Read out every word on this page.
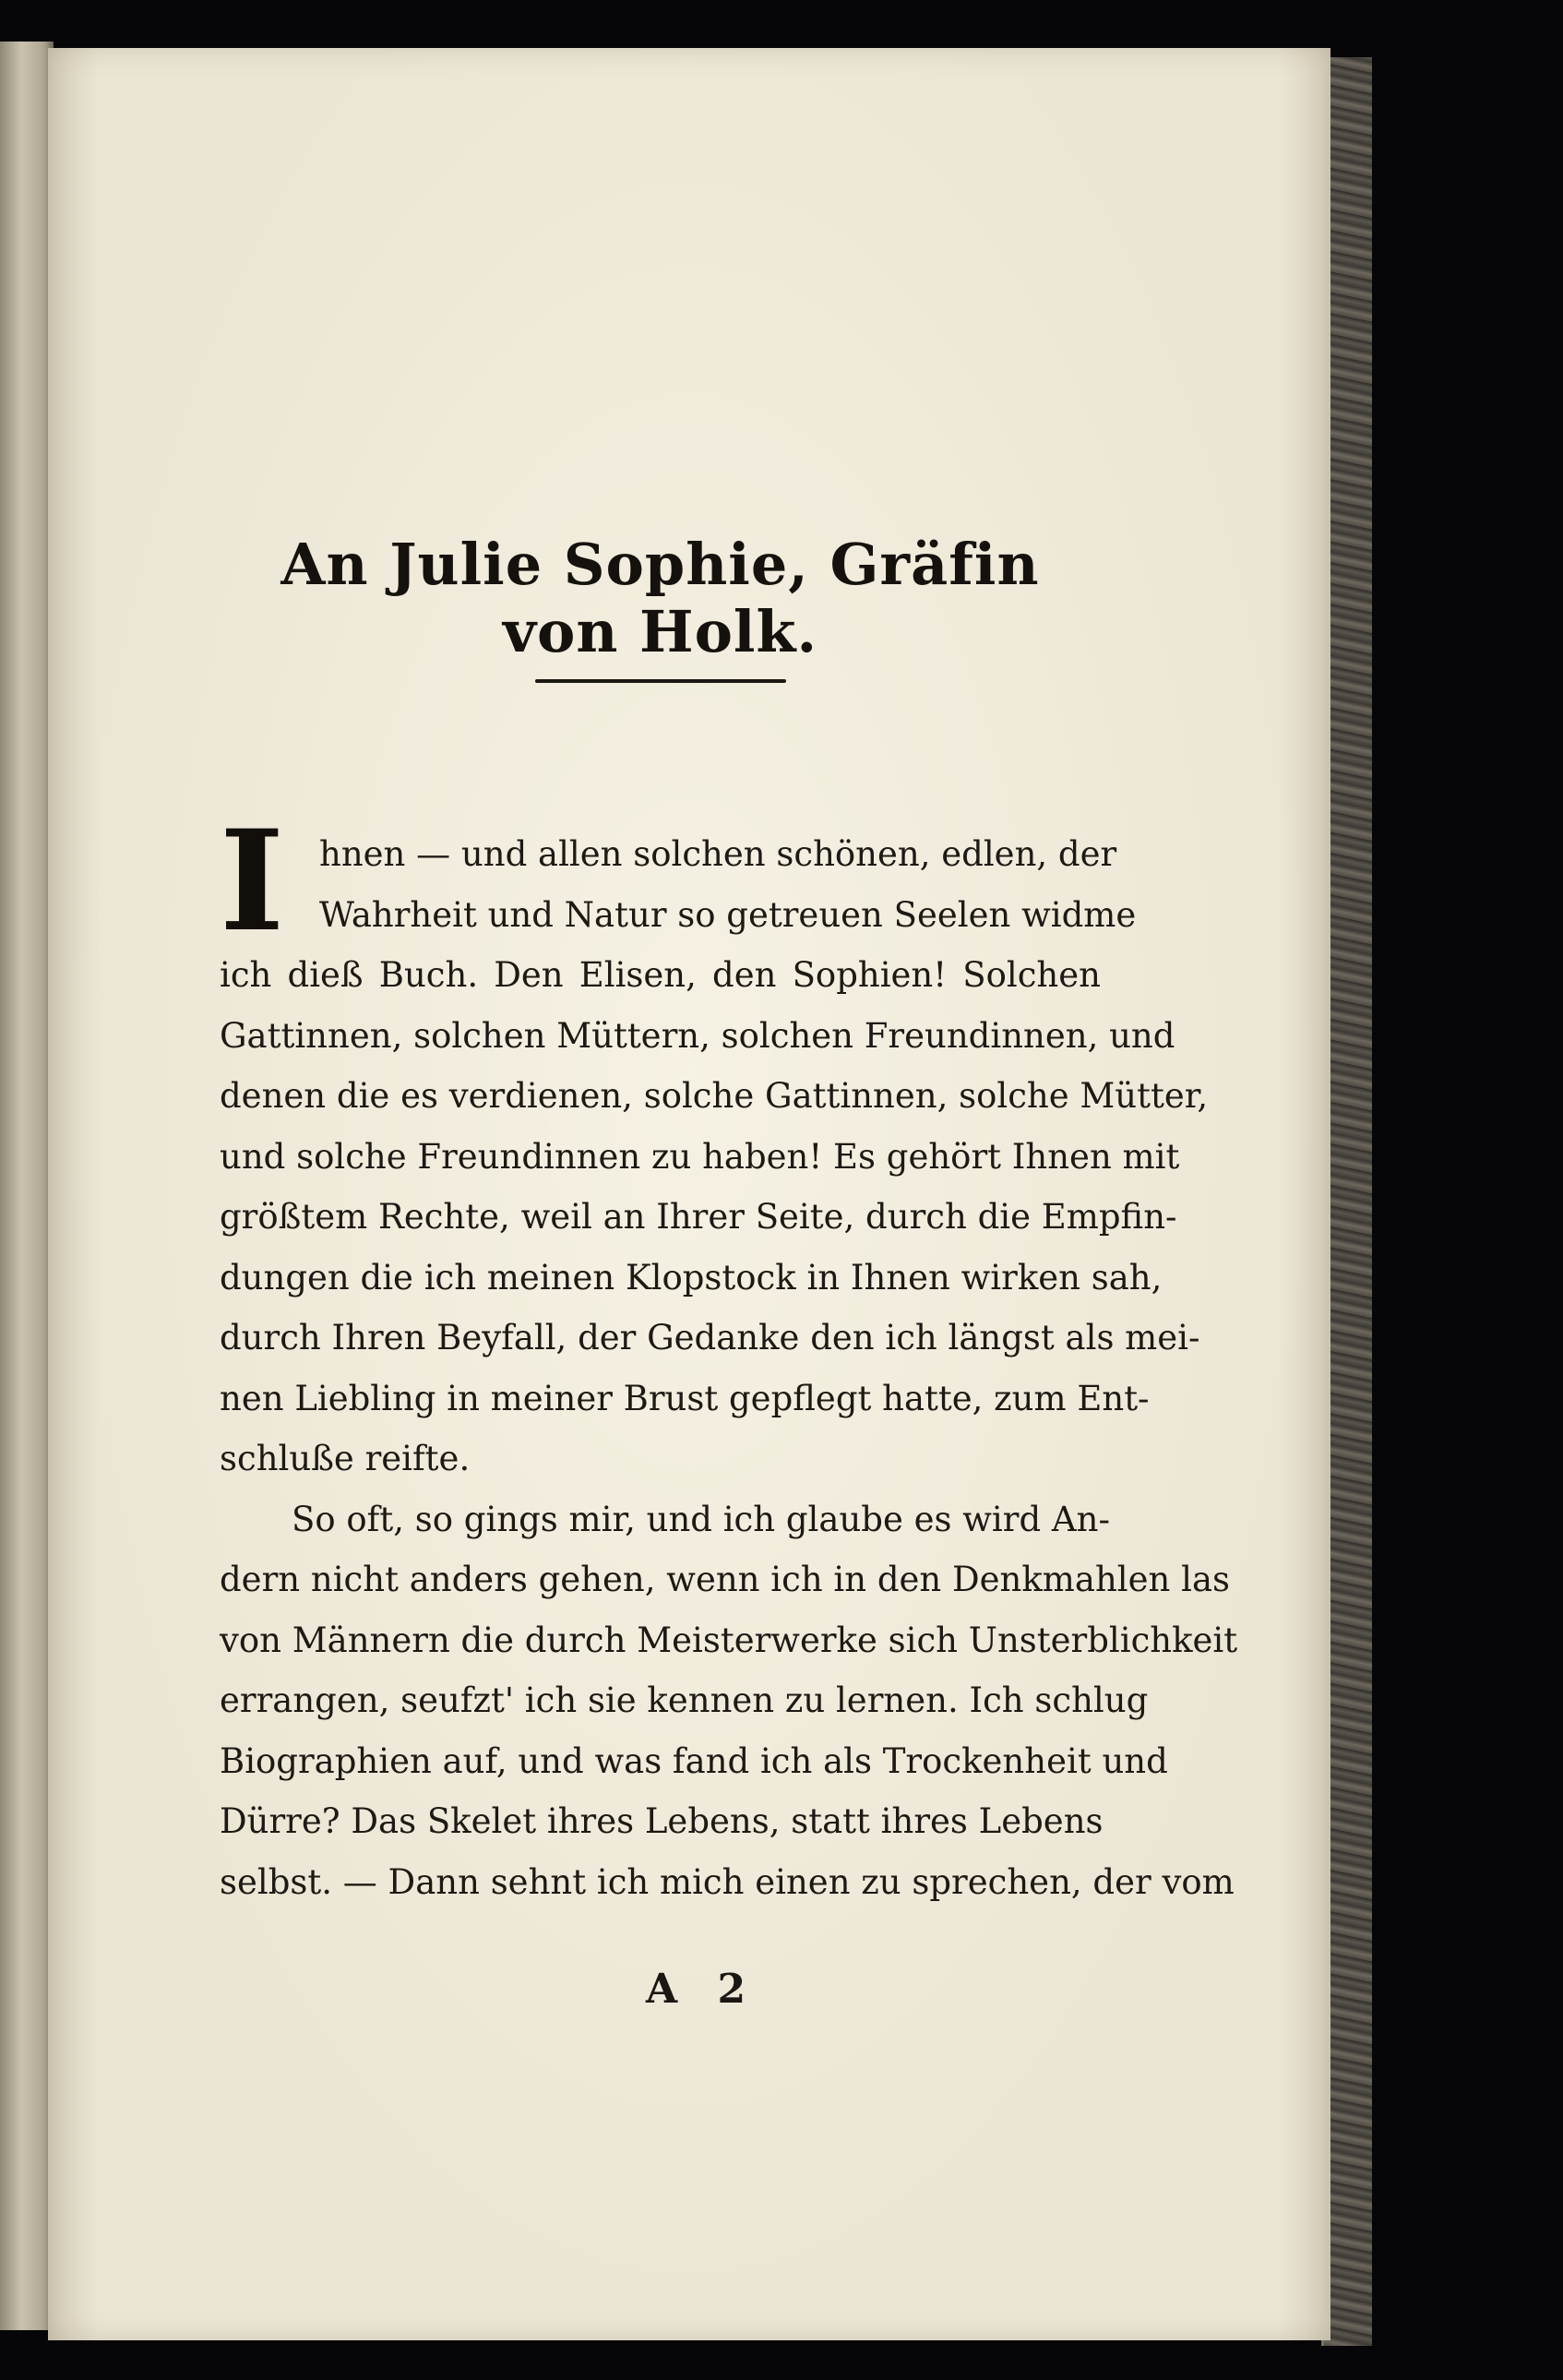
An Julie Sophie, Gräfin von Holk.
I	hnen — und allen solchen schönen, edlen, der
Wahrheit und Natur so getreuen Seelen widme
ich dieß Buch. Den Elisen, den Sophien! Solchen
Gattinnen, solchen Müttern, solchen Freundinnen, und
denen die es verdienen, solche Gattinnen, solche Mütter,
und solche Freundinnen zu haben! Es gehört Ihnen mit
größtem Rechte, weil an Ihrer Seite, durch die Empfin-
dungen die ich meinen Klopstock in Ihnen wirken sah,
durch Ihren Beyfall, der Gedanke den ich längst als mei-
nen Liebling in meiner Brust gepflegt hatte, zum Ent-
schluße reifte.
So oft, so gings mir, und ich glaube es wird An-
dern nicht anders gehen, wenn ich in den Denkmahlen las
von Männern die durch Meisterwerke sich Unsterblichkeit
errangen, seufzt' ich sie kennen zu lernen. Ich schlug
Biographien auf, und was fand ich als Trockenheit und
Dürre? Das Skelet ihres Lebens, statt ihres Lebens
selbst. — Dann sehnt ich mich einen zu sprechen, der vom
A 2
